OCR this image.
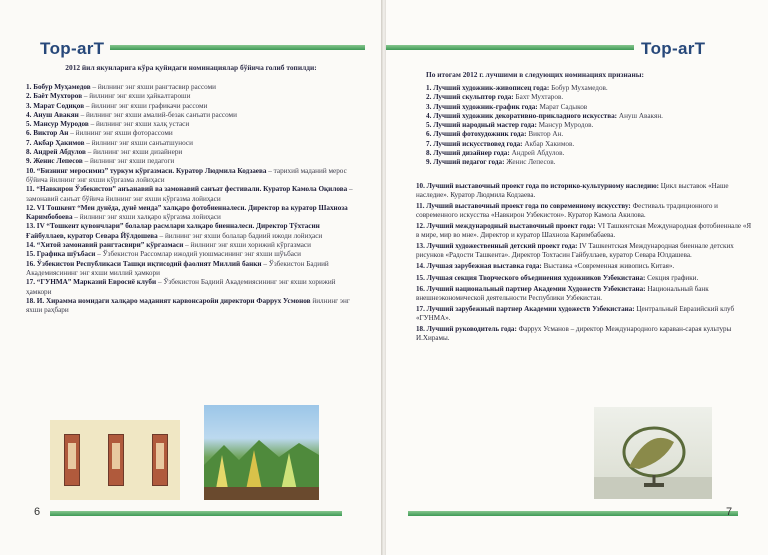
Тор-arT
2012 йил якунларига кўра қуйидаги номинациялар бўйича голиб топилди:
1. Бобур Муҳамедов – йилнинг энг яхши рангтасвир рассоми
2. Баёт Мухторов – йилнинг энг яхши ҳайкалтароши
3. Марат Содиқов – йилнинг энг яхши графикачи рассоми
4. Ануш Авакян – йилнинг энг яхши амалий-безак санъати рассоми
5. Мансур Муродов – йилнинг энг яхши халқ устаси
6. Виктор Ан – йилнинг энг яхши фоторассоми
7. Акбар Ҳакимов – йилнинг энг яхши санъатшуноси
8. Андрей Абдулов – йилнинг энг яхши дизайнери
9. Женис Лепесов – йилнинг энг яхши педагоги
10. “Бизнинг меросимиз” туркум кўргазмаси. Куратор Людмила Кодзаева – тарихий маданий мерос бўйича йилнинг энг яхши кўргазма лойиҳаси
11. “Навкирон Ўзбекистон” анъанавий ва замонавий санъат фестивали. Куратор Камола Оқилова – замонавий санъат бўйича йилнинг энг яхши кўргазма лойиҳаси
12. VI Тошкент “Мен дунёда, дунё менда” халқаро фотобиенналеси. Директор ва куратор Шахноза Каримбобоева – йилнинг энг яхши халқаро кўргазма лойиҳаси
13. IV “Тошкент қувончлари” болалар расмлари халқаро биенналеси. Директор Тўхтасин Ғайбуллаев, куратор Севара Йўлдошева – йилнинг энг яхши болалар бадиий ижоди лойиҳаси
14. “Хитой замонавий рангтасвири” кўргазмаси – йилнинг энг яхши хорижий кўргазмаси
15. Графика шўъбаси – Ўзбекистон Рассомлар ижодий уюшмасининг энг яхши шўъбаси
16. Ўзбекистон Республикаси Ташқи иқтисодий фаолият Миллий банки – Ўзбекистон Бадиий Академиясининг энг яхши миллий ҳамкори
17. “ГУНМА” Марказий Евросиё клуби – Ўзбекистон Бадиий Академиясининг энг яхши хорижий ҳамкори
18. И. Хирамма номидаги халқаро маданият карвонсаройи директори Фаррух Усмонов йилнинг энг яхши раҳбари
6
Тор-arT
По итогам 2012 г. лучшими в следующих номинациях признаны:
1. Лучший художник-живописец года: Бобур Мухамедов.
2. Лучший скульптор года: Бахт Мухтаров.
3. Лучший художник-график года: Марат Садыков
4. Лучший художник декоративно-прикладного искусства: Ануш Авакян.
5. Лучший народный мастер года: Мансур Муродов.
6. Лучший фотохудожник года: Виктор Ан.
7. Лучший искусствовед года: Акбар Хакимов.
8. Лучший дизайнер года: Андрей Абдулов.
9. Лучший педагог года: Женис Лепесов.
10. Лучший выставочный проект года по историко-культурному наследию: Цикл выставок «Наше наследие». Куратор Людмила Кодзаева.
11. Лучший выставочный проект года по современному искусству: Фестиваль традиционного и современного искусства «Навкирон Узбекистон». Куратор Камола Акилова.
12. Лучший международный выставочный проект года: VI Ташкентская Международная фотобиеннале «Я в мире, мир во мне». Директор и куратор Шахноза Каримбабаева.
13. Лучший художественный детский проект года: IV Ташкентская Международная биеннале детских рисунков «Радости Ташкента». Директор Тохтасин Гайбуллаев, куратор Севара Юлдашева.
14. Лучшая зарубежная выставка года: Выставка «Современная живопись Китая».
15. Лучшая секция Творческого объединения художников Узбекистана: Секция графики.
16. Лучший национальный партнер Академии Художеств Узбекистана: Национальный банк внешнеэкономической деятельности Республики Узбекистан.
17. Лучший зарубежный партнер Академии художеств Узбекистана: Центральный Евразийский клуб «ГУНМА».
18. Лучший руководитель года: Фаррух Усманов – директор Международного караван-сарая культуры И.Хирамы.
7
